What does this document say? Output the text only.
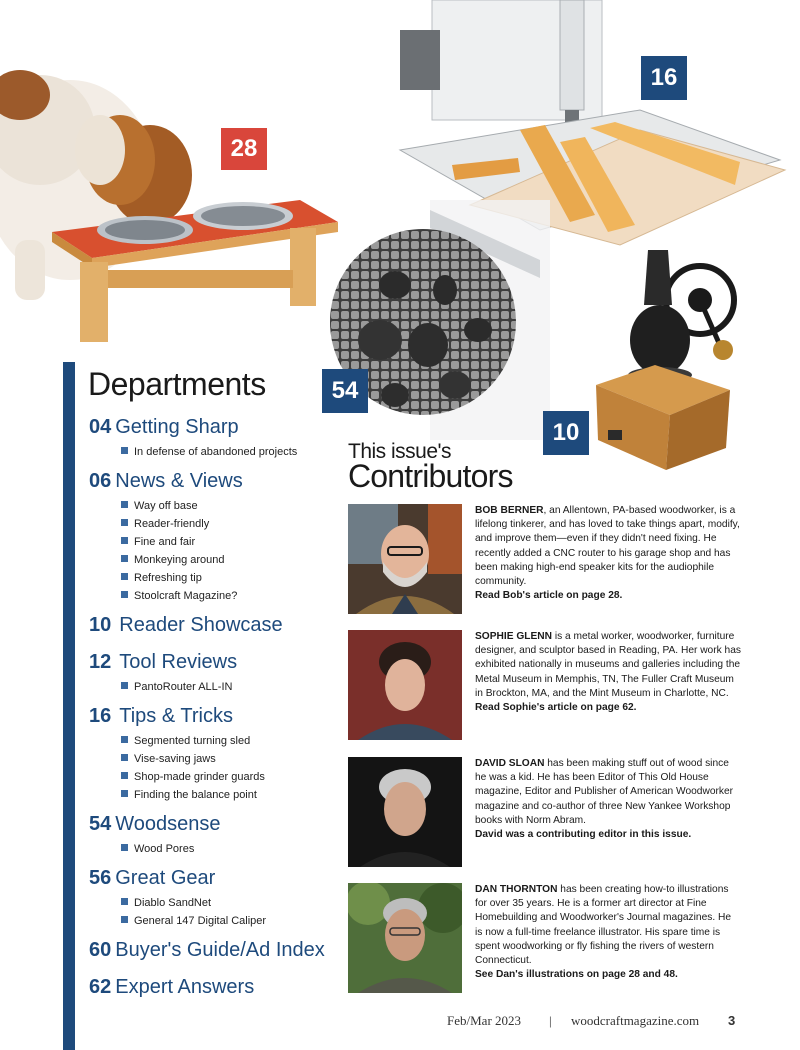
28
16
54
10
Departments
04 Getting Sharp
In defense of abandoned projects
06 News & Views
Way off base
Reader-friendly
Fine and fair
Monkeying around
Refreshing tip
Stoolcraft Magazine?
10 Reader Showcase
12 Tool Reviews
PantoRouter ALL-IN
16 Tips & Tricks
Segmented turning sled
Vise-saving jaws
Shop-made grinder guards
Finding the balance point
54 Woodsense
Wood Pores
56 Great Gear
Diablo SandNet
General 147 Digital Caliper
60 Buyer's Guide/Ad Index
62 Expert Answers
This issue's
Contributors
BOB BERNER, an Allentown, PA-based woodworker, is a lifelong tinkerer, and has loved to take things apart, modify, and improve them—even if they didn't need fixing. He recently added a CNC router to his garage shop and has been making high-end speaker kits for the audiophile community.
Read Bob's article on page 28.
SOPHIE GLENN is a metal worker, woodworker, furniture designer, and sculptor based in Reading, PA. Her work has exhibited nationally in museums and galleries including the Metal Museum in Memphis, TN, The Fuller Craft Museum in Brockton, MA, and the Mint Museum in Charlotte, NC.
Read Sophie's article on page 62.
DAVID SLOAN has been making stuff out of wood since he was a kid. He has been Editor of This Old House magazine, Editor and Publisher of American Woodworker magazine and co-author of three New Yankee Workshop books with Norm Abram.
David was a contributing editor in this issue.
DAN THORNTON has been creating how-to illustrations for over 35 years. He is a former art director at Fine Homebuilding and Woodworker's Journal magazines. He is now a full-time freelance illustrator. His spare time is spent woodworking or fly fishing the rivers of western Connecticut.
See Dan's illustrations on page 28 and 48.
Feb/Mar 2023 | woodcraftmagazine.com 3
